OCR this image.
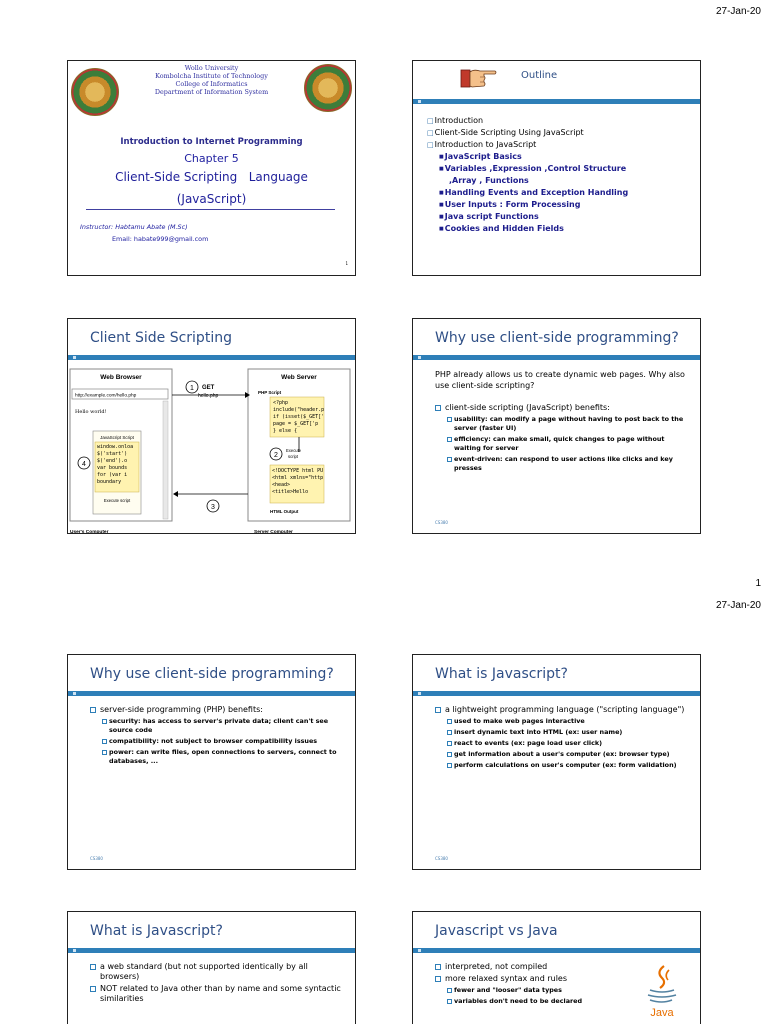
27-Jan-20
Wollo University
Kombolcha Institute of Technology
College of Informatics
Department of Information System
Introduction to Internet Programming
Chapter 5
Client-Side Scripting   Language
(JavaScript)
Instructor: Habtamu Abate (M.Sc)
Email: habate999@gmail.com
1
Outline
□ Introduction
□ Client-Side Scripting Using JavaScript
□ Introduction to JavaScript
■ JavaScript Basics
■ Variables ,Expression ,Control Structure
,Array , Functions
■ Handling Events and Exception Handling
■ User Inputs : Form Processing
■ Java script Functions
■ Cookies and Hidden Fields
Client Side Scripting
Web Browser
http://example.com/hello.php
Hello world!
JavaScript Script
window.onloa $('start') $('end').o var bounds for (var i boundary
Execute script
4
Web Server
PHP Script
<?php include("header.p if (isset($_GET[' page = $_GET['p } else {
2
Execute
script
<!DOCTYPE html PU <html xmlns="http <head> <title>Hello
HTML Output
1 GET
hello.php
3
User's Computer	Server Computer
Why use client-side programming?
PHP already allows us to create dynamic web pages. Why also use client-side scripting?
client-side scripting (JavaScript) benefits:
usability: can modify a page without having to post back to the server (faster UI)
efficiency: can make small, quick changes to page without waiting for server
event-driven: can respond to user actions like clicks and key presses
CS380
1
27-Jan-20
Why use client-side programming?
server-side programming (PHP) benefits:
security: has access to server's private data; client can't see source code
compatibility: not subject to browser compatibility issues
power: can write files, open connections to servers, connect to databases, ...
CS380
What is Javascript?
a lightweight programming language ("scripting language")
used to make web pages interactive
insert dynamic text into HTML (ex: user name)
react to events (ex: page load user click)
get information about a user's computer (ex: browser type)
perform calculations on user's computer (ex: form validation)
CS380
What is Javascript?
a web standard (but not supported identically by all browsers)
NOT related to Java other than by name and some syntactic similarities
Javascript vs Java
interpreted, not compiled
more relaxed syntax and rules
fewer and "looser" data types
variables don't need to be declared
Java
